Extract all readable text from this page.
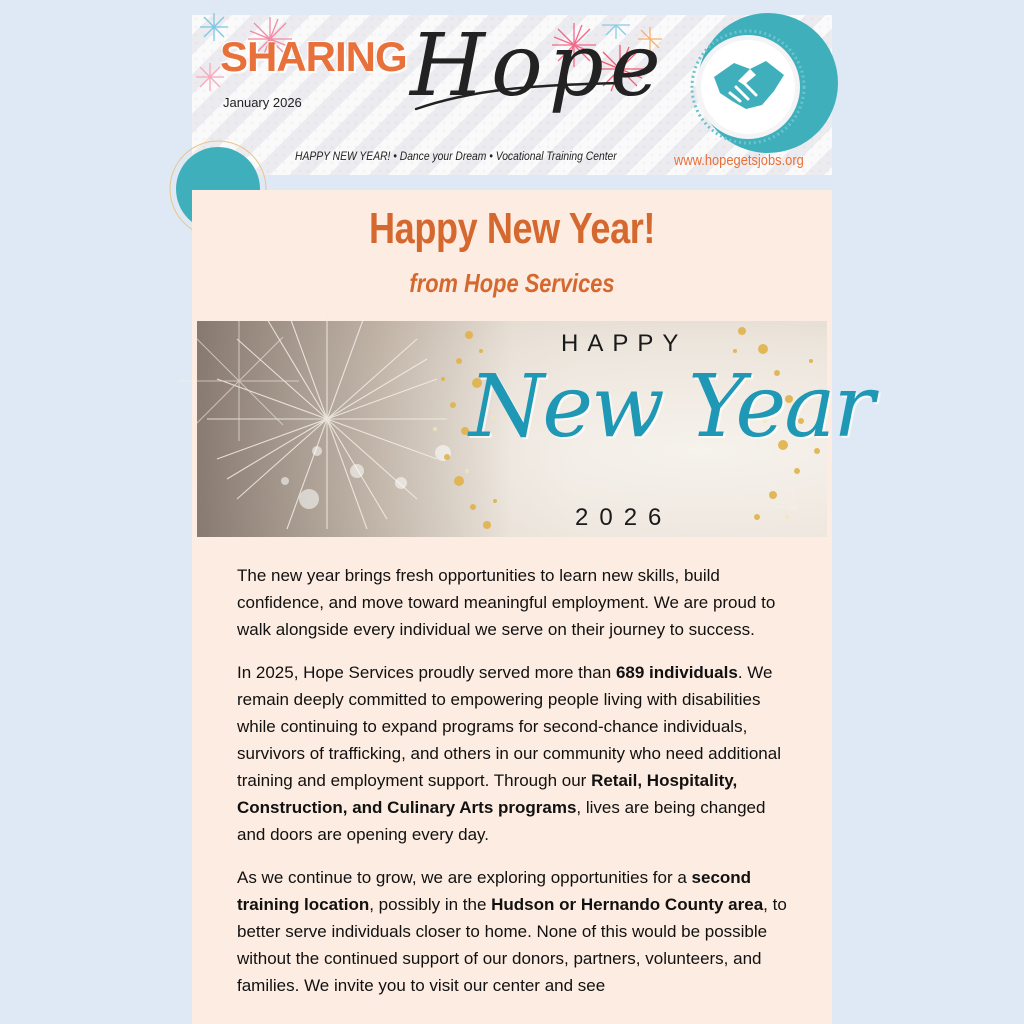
SHARING
January 2026 Hope
HAPPY NEW YEAR! • Dance your Dream • Vocational Training Center	www.hopegetsjobs.org
Happy New Year!
from Hope Services
HAPPY
New Year
2026

The new year brings fresh opportunities to learn new skills, build confidence, and move toward meaningful employment. We are proud to walk alongside every individual we serve on their journey to success.

In 2025, Hope Services proudly served more than 689 individuals. We remain deeply committed to empowering people living with disabilities while continuing to expand programs for second-chance individuals, survivors of trafficking, and others in our community who need additional training and employment support. Through our Retail, Hospitality, Construction, and Culinary Arts programs, lives are being changed and doors are opening every day.

As we continue to grow, we are exploring opportunities for a second training location, possibly in the Hudson or Hernando County area, to better serve individuals closer to home. None of this would be possible without the continued support of our donors, partners, volunteers, and families. We invite you to visit our center and see
